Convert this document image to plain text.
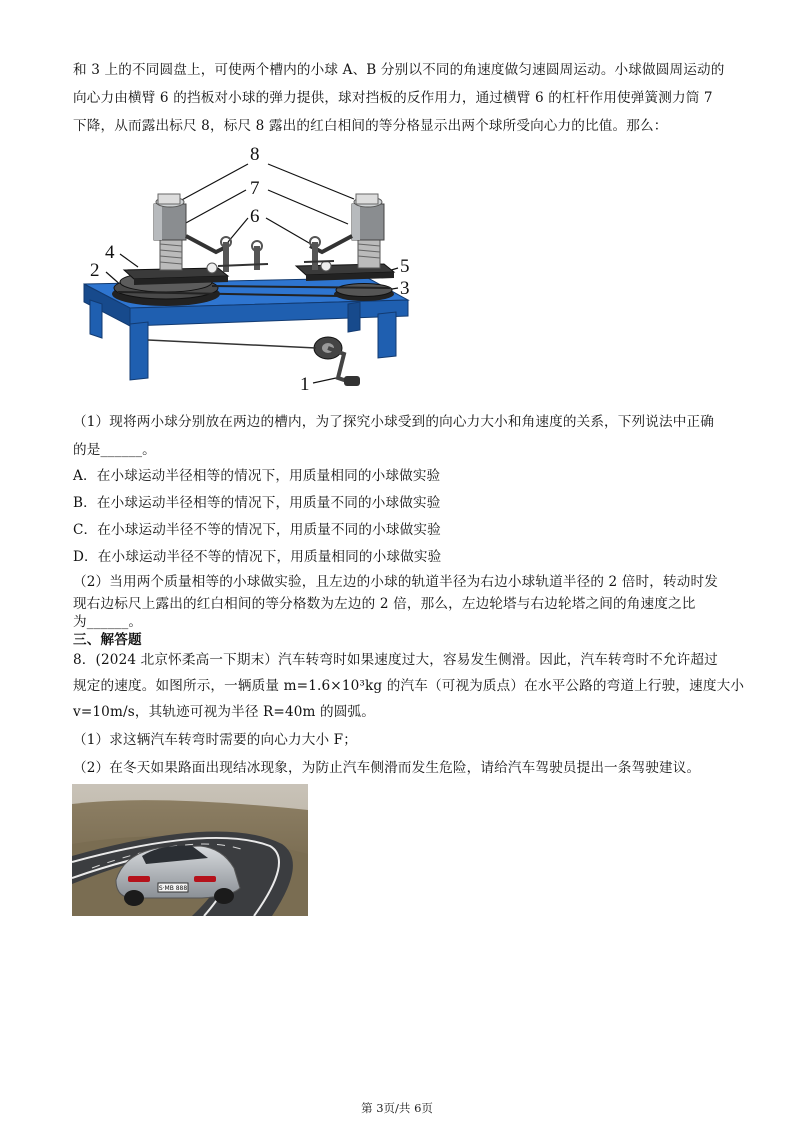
和 3 上的不同圆盘上，可使两个槽内的小球 A、B 分别以不同的角速度做匀速圆周运动。小球做圆周运动的
向心力由横臂 6 的挡板对小球的弹力提供，球对挡板的反作用力，通过横臂 6 的杠杆作用使弹簧测力筒 7
下降，从而露出标尺 8，标尺 8 露出的红白相间的等分格显示出两个球所受向心力的比值。那么：
8
7
6
4
2	5
3
1
（1）现将两小球分别放在两边的槽内，为了探究小球受到的向心力大小和角速度的关系，下列说法中正确
的是______。
A．在小球运动半径相等的情况下，用质量相同的小球做实验
B．在小球运动半径相等的情况下，用质量不同的小球做实验
C．在小球运动半径不等的情况下，用质量不同的小球做实验
D．在小球运动半径不等的情况下，用质量相同的小球做实验
（2）当用两个质量相等的小球做实验，且左边的小球的轨道半径为右边小球轨道半径的 2 倍时，转动时发
现右边标尺上露出的红白相间的等分格数为左边的 2 倍，那么，左边轮塔与右边轮塔之间的角速度之比
为______。
三、解答题
8．(2024 北京怀柔高一下期末）汽车转弯时如果速度过大，容易发生侧滑。因此，汽车转弯时不允许超过
规定的速度。如图所示，一辆质量 m=1.6×10³kg 的汽车（可视为质点）在水平公路的弯道上行驶，速度大小
v=10m/s，其轨迹可视为半径 R=40m 的圆弧。
（1）求这辆汽车转弯时需要的向心力大小 F；
（2）在冬天如果路面出现结冰现象，为防止汽车侧滑而发生危险，请给汽车驾驶员提出一条驾驶建议。
S·MB 888
第 3页/共 6页
